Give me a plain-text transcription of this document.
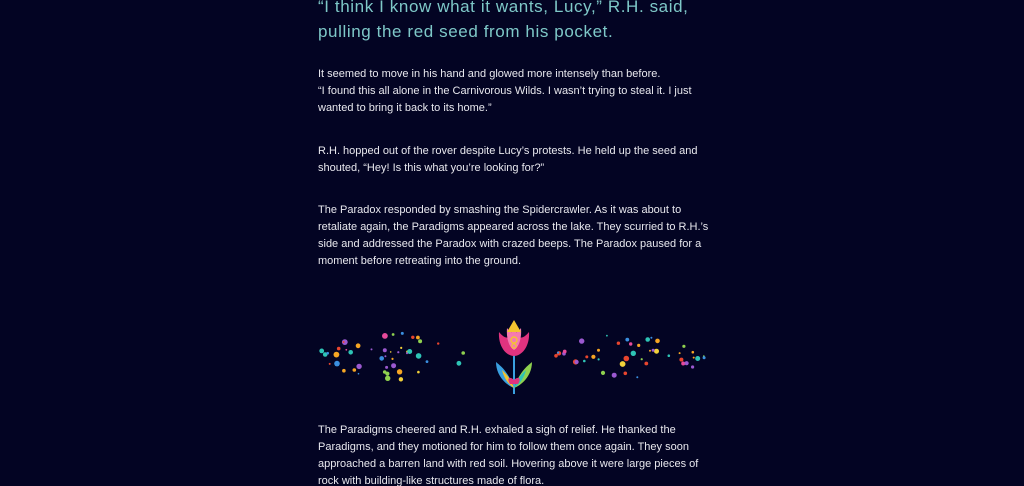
“I think I know what it wants, Lucy,” R.H. said,
pulling the red seed from his pocket.

It seemed to move in his hand and glowed more intensely than before.
“I found this all alone in the Carnivorous Wilds. I wasn’t trying to steal it. I just
wanted to bring it back to its home.”

R.H. hopped out of the rover despite Lucy’s protests. He held up the seed and
shouted, “Hey! Is this what you’re looking for?”

The Paradox responded by smashing the Spidercrawler. As it was about to
retaliate again, the Paradigms appeared across the lake. They scurried to R.H.’s
side and addressed the Paradox with crazed beeps. The Paradox paused for a
moment before retreating into the ground.

The Paradigms cheered and R.H. exhaled a sigh of relief. He thanked the
Paradigms, and they motioned for him to follow them once again. They soon
approached a barren land with red soil. Hovering above it were large pieces of
rock with building-like structures made of flora.
